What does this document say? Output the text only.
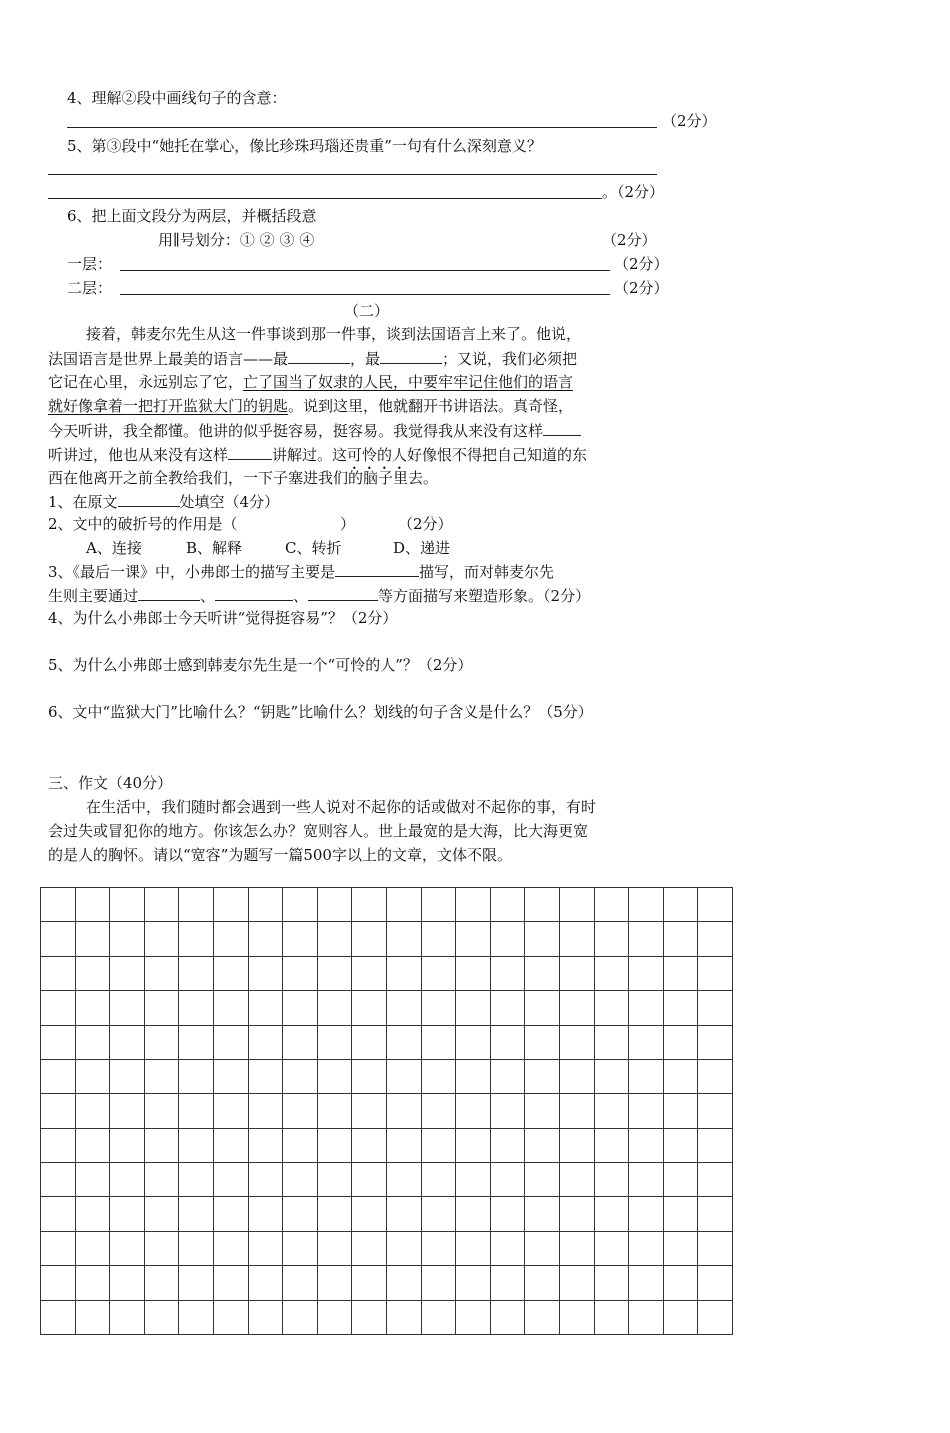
4、理解②段中画线句子的含意：
（2分）
5、第③段中“她托在掌心，像比珍珠玛瑙还贵重”一句有什么深刻意义？
。（2分）
6、把上面文段分为两层，并概括段意
用∥号划分：① ② ③ ④	（2分）
一层：	（2分）
二层：	（2分）
（二）
接着，韩麦尔先生从这一件事谈到那一件事，谈到法国语言上来了。他说，
法国语言是世界上最美的语言——最	，最	；又说，我们必须把
它记在心里，永远别忘了它，亡了国当了奴隶的人民，中要牢牢记住他们的语言
就好像拿着一把打开监狱大门的钥匙。说到这里，他就翻开书讲语法。真奇怪，
今天听讲，我全都懂。他讲的似乎挺容易，挺容易。我觉得我从来没有这样
听讲过，他也从来没有这样	讲解过。这可怜的人好像恨不得把自己知道的东
西在他离开之前全教给我们，一下子塞进我们的脑子里去。
1、在原文	处填空（4分）
2、文中的破折号的作用是（	）	（2分）
A、连接	B、解释	C、转折	D、递进
3、《最后一课》中，小弗郎士的描写主要是	描写，而对韩麦尔先
生则主要通过	、	、	等方面描写来塑造形象。（2分）
4、为什么小弗郎士今天听讲“觉得挺容易”？（2分）
5、为什么小弗郎士感到韩麦尔先生是一个“可怜的人”？（2分）
6、文中“监狱大门”比喻什么？“钥匙”比喻什么？划线的句子含义是什么？（5分）
三、作文（40分）
在生活中，我们随时都会遇到一些人说对不起你的话或做对不起你的事，有时
会过失或冒犯你的地方。你该怎么办？宽则容人。世上最宽的是大海，比大海更宽
的是人的胸怀。请以“宽容”为题写一篇500字以上的文章，文体不限。
